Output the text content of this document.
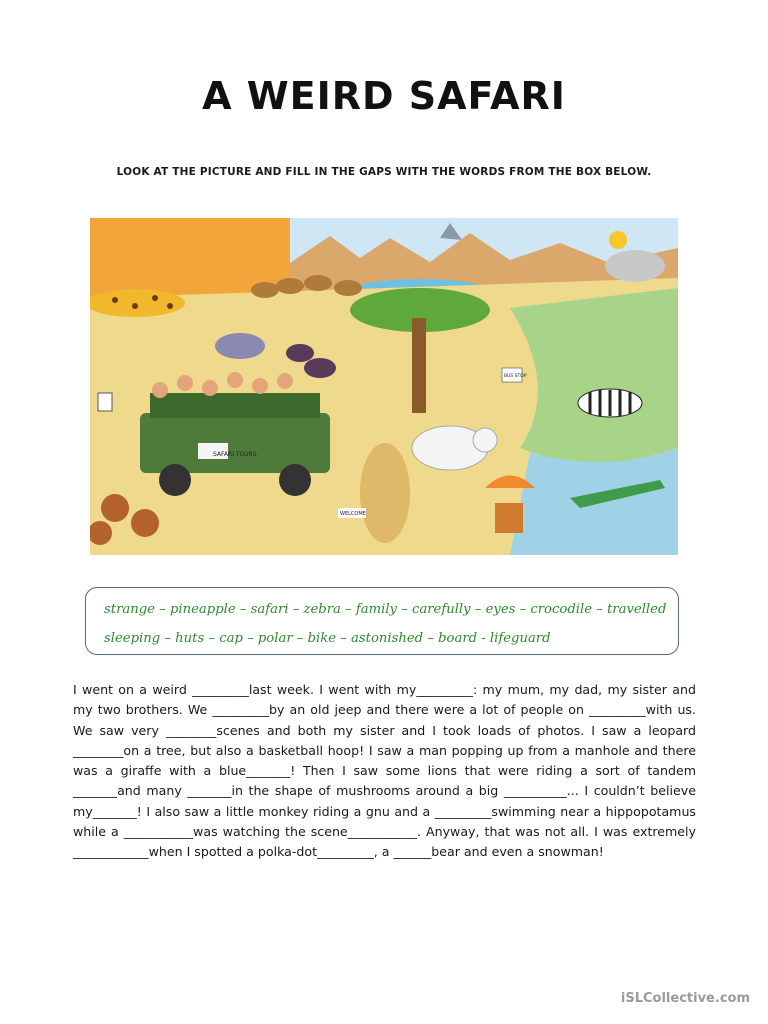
A WEIRD SAFARI
LOOK AT THE PICTURE AND FILL IN THE GAPS WITH THE WORDS FROM THE BOX BELOW.
SAFARI TOURS
BUS STOP
WELCOME
strange – pineapple – safari – zebra – family – carefully – eyes – crocodile – travelled
sleeping – huts – cap – polar – bike – astonished – board - lifeguard

I went on a weird _________last week. I went with my_________: my mum, my dad, my sister and my two brothers. We _________by an old jeep and there were a lot of people on _________with us. We saw very ________scenes and both my sister and I took loads of photos. I saw a leopard ________on a tree, but also a basketball hoop! I saw a man popping up from a manhole and there was a giraffe with a blue_______! Then I saw some lions that were riding a sort of tandem _______and many _______in the shape of mushrooms around a big __________... I couldn’t believe my_______! I also saw a little monkey riding a gnu and a _________swimming near a hippopotamus while a ___________was watching the scene___________. Anyway, that was not all. I was extremely ____________when I spotted a polka-dot_________, a ______bear and even a snowman!

iSLCollective.com
